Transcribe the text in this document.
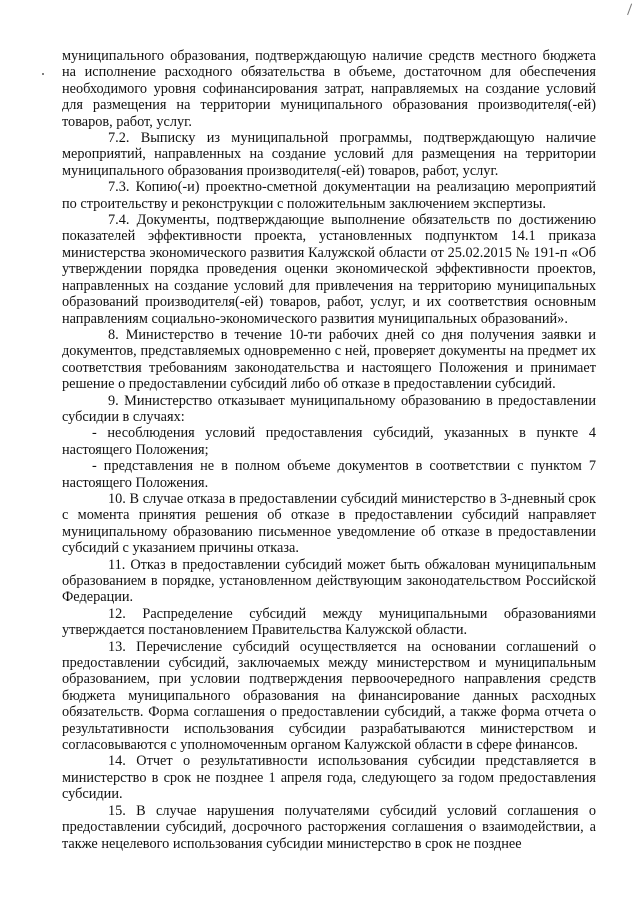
муниципального образования, подтверждающую наличие средств местного бюджета на исполнение расходного обязательства в объеме, достаточном для обеспечения необходимого уровня софинансирования затрат, направляемых на создание условий для размещения на территории муниципального образования производителя(-ей) товаров, работ, услуг.

7.2. Выписку из муниципальной программы, подтверждающую наличие мероприятий, направленных на создание условий для размещения на территории муниципального образования производителя(-ей) товаров, работ, услуг.

7.3. Копию(-и) проектно-сметной документации на реализацию мероприятий по строительству и реконструкции с положительным заключением экспертизы.

7.4. Документы, подтверждающие выполнение обязательств по достижению показателей эффективности проекта, установленных подпунктом 14.1 приказа министерства экономического развития Калужской области от 25.02.2015 № 191-п «Об утверждении порядка проведения оценки экономической эффективности проектов, направленных на создание условий для привлечения на территорию муниципальных образований производителя(-ей) товаров, работ, услуг, и их соответствия основным направлениям социально-экономического развития муниципальных образований».

8. Министерство в течение 10-ти рабочих дней со дня получения заявки и документов, представляемых одновременно с ней, проверяет документы на предмет их соответствия требованиям законодательства и настоящего Положения и принимает решение о предоставлении субсидий либо об отказе в предоставлении субсидий.

9. Министерство отказывает муниципальному образованию в предоставлении субсидии в случаях:

- несоблюдения условий предоставления субсидий, указанных в пункте 4 настоящего Положения;

- представления не в полном объеме документов в соответствии с пунктом 7 настоящего Положения.

10. В случае отказа в предоставлении субсидий министерство в 3-дневный срок с момента принятия решения об отказе в предоставлении субсидий направляет муниципальному образованию письменное уведомление об отказе в предоставлении субсидий с указанием причины отказа.

11. Отказ в предоставлении субсидий может быть обжалован муниципальным образованием в порядке, установленном действующим законодательством Российской Федерации.

12. Распределение субсидий между муниципальными образованиями утверждается постановлением Правительства Калужской области.

13. Перечисление субсидий осуществляется на основании соглашений о предоставлении субсидий, заключаемых между министерством и муниципальным образованием, при условии подтверждения первоочередного направления средств бюджета муниципального образования на финансирование данных расходных обязательств. Форма соглашения о предоставлении субсидий, а также форма отчета о результативности использования субсидии разрабатываются министерством и согласовываются с уполномоченным органом Калужской области в сфере финансов.

14. Отчет о результативности использования субсидии представляется в министерство в срок не позднее 1 апреля года, следующего за годом предоставления субсидии.

15. В случае нарушения получателями субсидий условий соглашения о предоставлении субсидий, досрочного расторжения соглашения о взаимодействии, а также нецелевого использования субсидии министерство в срок не позднее
